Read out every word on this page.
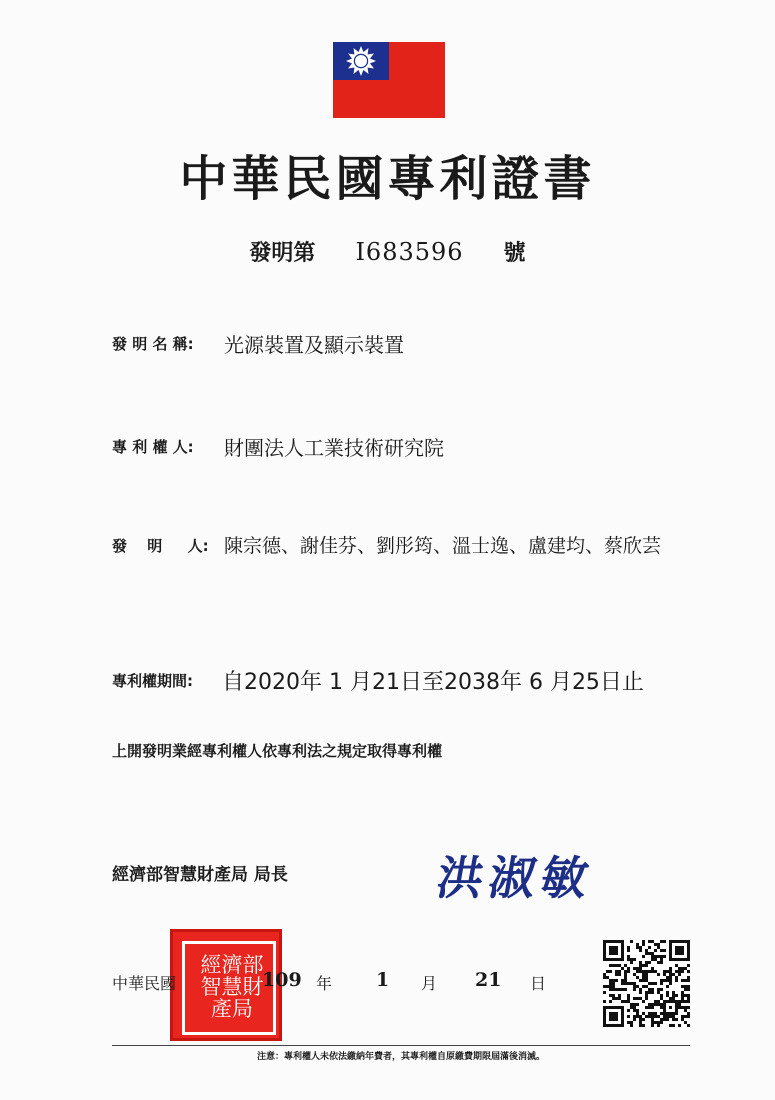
中華民國專利證書
發明第 I683596 號
發 明 名 稱: 光源裝置及顯示裝置
專 利 權 人: 財團法人工業技術研究院
發　 明 　 人: 陳宗德、謝佳芬、劉彤筠、溫士逸、盧建均、蔡欣芸
專利權期間: 自2020年 1 月21日至2038年 6 月25日止
上開發明業經專利權人依專利法之規定取得專利權
經濟部智慧財產局 局長	洪淑敏
經濟部智慧財產局
中華民國	109 年 1 月 21 日
注意：專利權人未依法繳納年費者，其專利權自原繳費期限屆滿後消滅。
